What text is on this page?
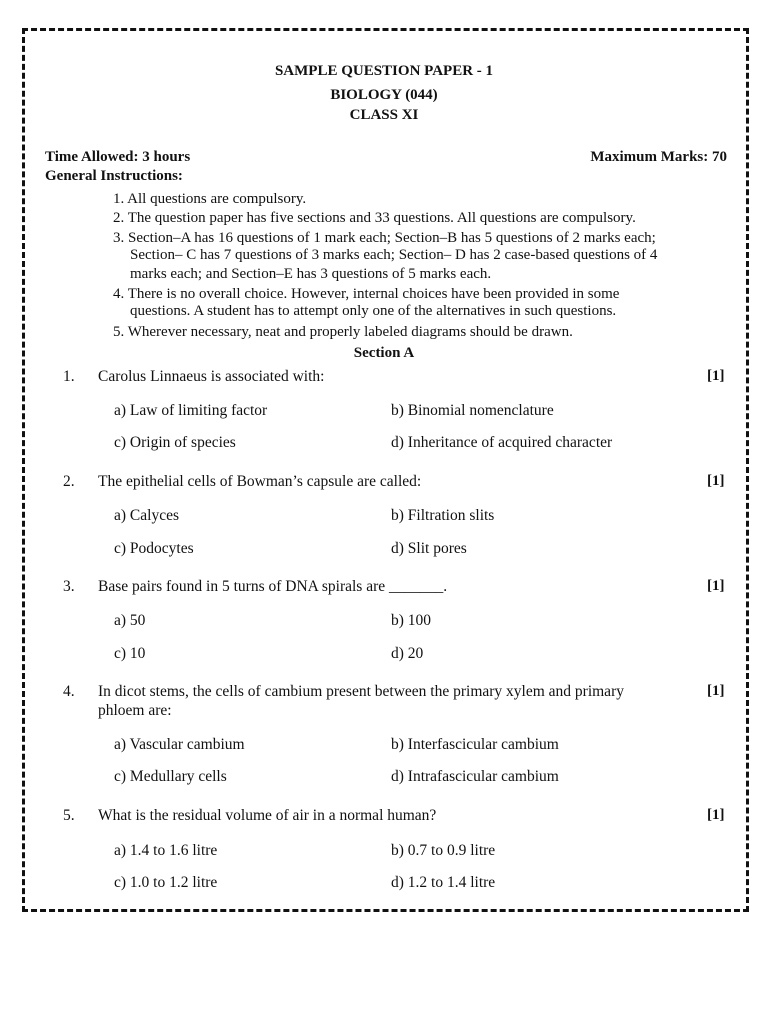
SAMPLE QUESTION PAPER - 1
BIOLOGY (044)
CLASS XI
Time Allowed: 3 hours	Maximum Marks: 70
General Instructions:
1. All questions are compulsory.
2. The question paper has five sections and 33 questions. All questions are compulsory.
3. Section–A has 16 questions of 1 mark each; Section–B has 5 questions of 2 marks each;
Section– C has 7 questions of 3 marks each; Section– D has 2 case-based questions of 4
marks each; and Section–E has 3 questions of 5 marks each.
4. There is no overall choice. However, internal choices have been provided in some
questions. A student has to attempt only one of the alternatives in such questions.
5. Wherever necessary, neat and properly labeled diagrams should be drawn.
Section A
1. Carolus Linnaeus is associated with:	[1]
a) Law of limiting factor	b) Binomial nomenclature
c) Origin of species	d) Inheritance of acquired character
2. The epithelial cells of Bowman’s capsule are called:	[1]
a) Calyces	b) Filtration slits
c) Podocytes	d) Slit pores
3. Base pairs found in 5 turns of DNA spirals are _______.	[1]
a) 50	b) 100
c) 10	d) 20
4. In dicot stems, the cells of cambium present between the primary xylem and primary
phloem are:
[1]
a) Vascular cambium	b) Interfascicular cambium
c) Medullary cells	d) Intrafascicular cambium
5. What is the residual volume of air in a normal human?	[1]
a) 1.4 to 1.6 litre	b) 0.7 to 0.9 litre
c) 1.0 to 1.2 litre	d) 1.2 to 1.4 litre
